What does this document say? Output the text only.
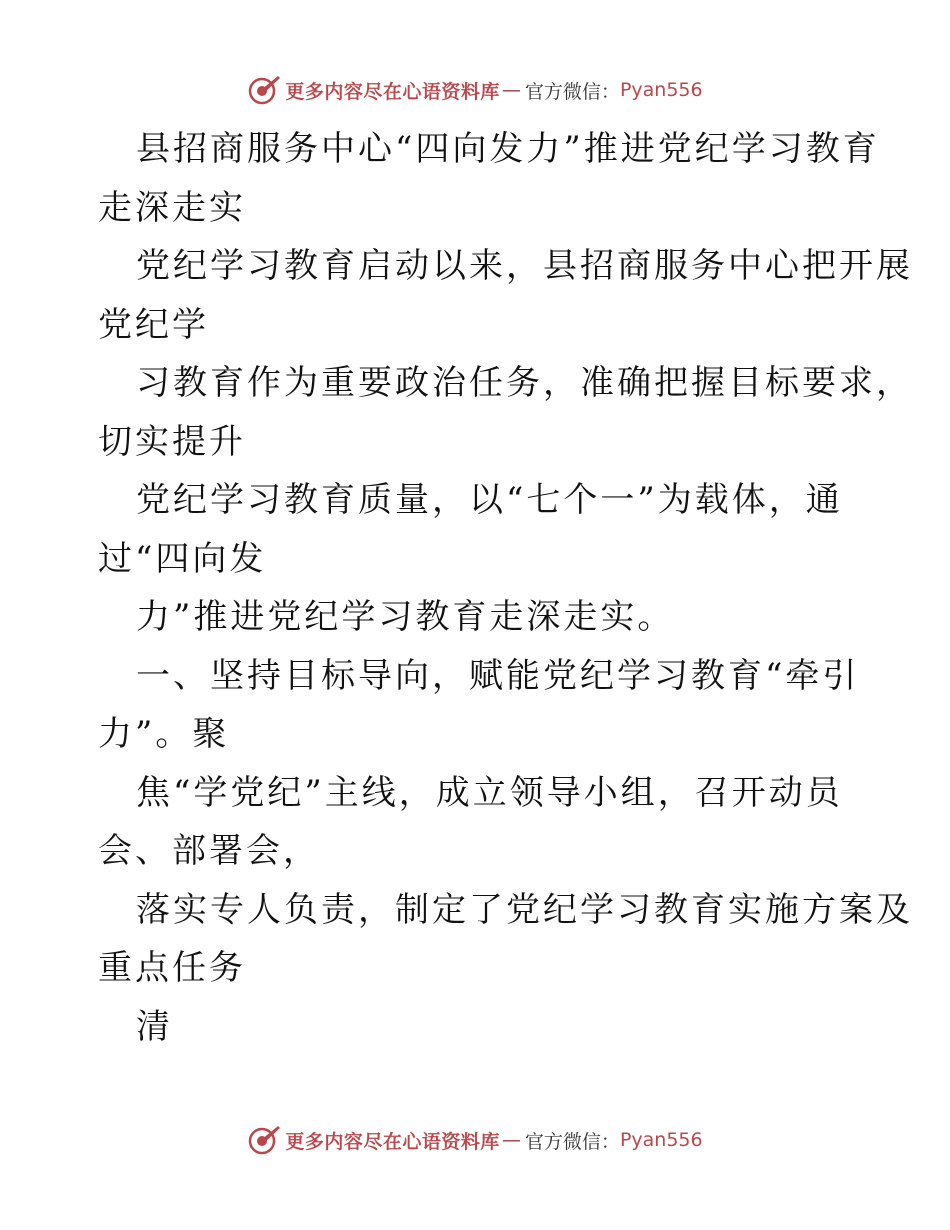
更多内容尽在心语资料库 — 官方微信： Pyan556
县招商服务中心“四向发力”推进党纪学习教育
走深走实
党纪学习教育启动以来，县招商服务中心把开展
党纪学
习教育作为重要政治任务，准确把握目标要求，
切实提升
党纪学习教育质量，以“七个一”为载体，通
过“四向发
力”推进党纪学习教育走深走实。
一、坚持目标导向，赋能党纪学习教育“牵引
力”。聚
焦“学党纪”主线，成立领导小组，召开动员
会、部署会，
落实专人负责，制定了党纪学习教育实施方案及
重点任务
清
更多内容尽在心语资料库 — 官方微信： Pyan556
